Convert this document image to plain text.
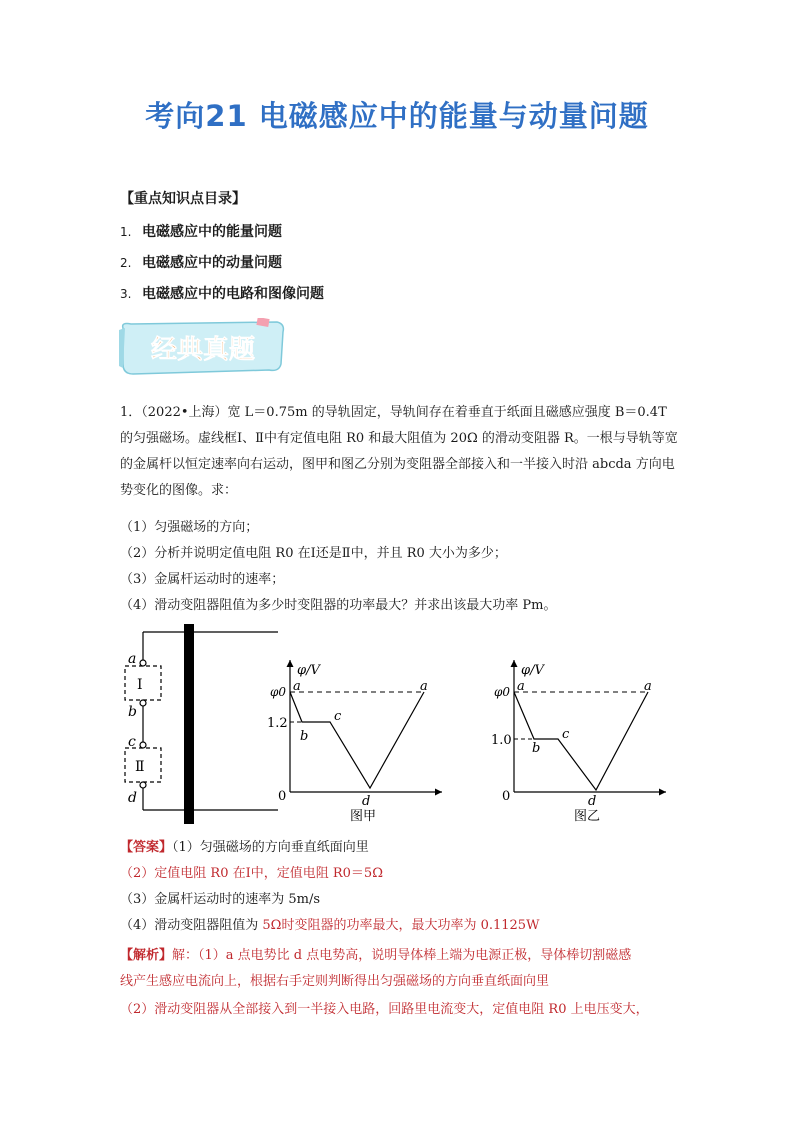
考向21 电磁感应中的能量与动量问题
【重点知识点目录】
1. 电磁感应中的能量问题
2. 电磁感应中的动量问题
3. 电磁感应中的电路和图像问题
经典真题
1．（2022•上海）宽 L＝0.75m 的导轨固定，导轨间存在着垂直于纸面且磁感应强度 B＝0.4T 的匀强磁场。虚线框Ⅰ、Ⅱ中有定值电阻 R0 和最大阻值为 20Ω 的滑动变阻器 R。一根与导轨等宽的金属杆以恒定速率向右运动，图甲和图乙分别为变阻器全部接入和一半接入时沿 abcda 方向电势变化的图像。求：
（1）匀强磁场的方向；
（2）分析并说明定值电阻 R0 在Ⅰ还是Ⅱ中，并且 R0 大小为多少；
（3）金属杆运动时的速率；
（4）滑动变阻器阻值为多少时变阻器的功率最大？并求出该最大功率 Pm。
a
b
c
d
Ⅰ
Ⅱ
φ/V
φ0
1.2
0
a
b
c
d
a
图甲
φ/V
φ0
1.0
0
a
b
c
d
a
图乙
【答案】（1）匀强磁场的方向垂直纸面向里
（2）定值电阻 R0 在Ⅰ中，定值电阻 R0＝5Ω
（3）金属杆运动时的速率为 5m/s
（4）滑动变阻器阻值为 5Ω时变阻器的功率最大，最大功率为 0.1125W
【解析】解：（1）a 点电势比 d 点电势高，说明导体棒上端为电源正极，导体棒切割磁感
线产生感应电流向上，根据右手定则判断得出匀强磁场的方向垂直纸面向里
（2）滑动变阻器从全部接入到一半接入电路，回路里电流变大，定值电阻 R0 上电压变大，
